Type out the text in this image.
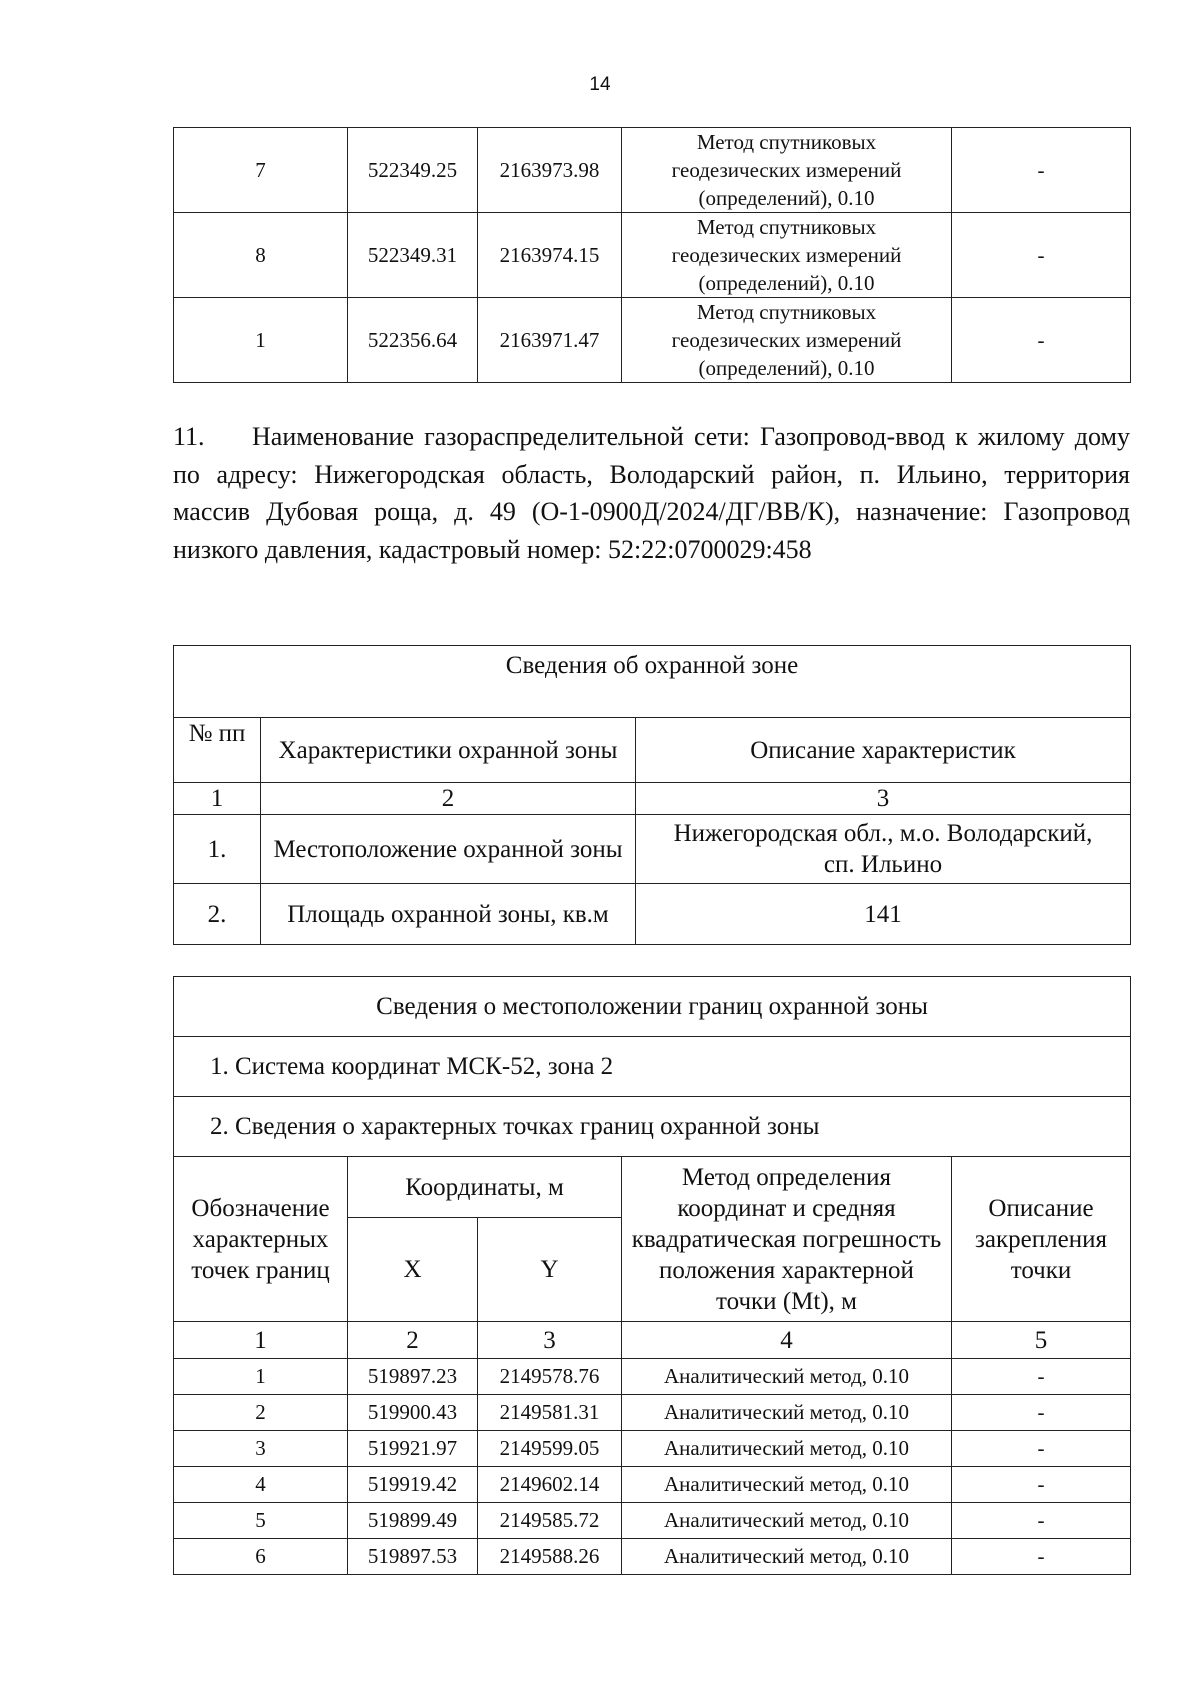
14
7	522349.25	2163973.98	Метод спутниковых
геодезических измерений
(определений), 0.10	-
8	522349.31	2163974.15	Метод спутниковых
геодезических измерений
(определений), 0.10	-
1	522356.64	2163971.47	Метод спутниковых
геодезических измерений
(определений), 0.10	-

11. Наименование газораспределительной сети: Газопровод-ввод к жилому дому по адресу: Нижегородская область, Володарский район, п. Ильино, территория массив Дубовая роща, д. 49 (О-1-0900Д/2024/ДГ/ВВ/К), назначение: Газопровод низкого давления, кадастровый номер: 52:22:0700029:458

Сведения об охранной зоне		
№ пп	Характеристики охранной зоны	Описание характеристик
1	2	3
1.	Местоположение охранной зоны	Нижегородская обл., м.о. Володарский,
сп. Ильино

2.	Площадь охранной зоны, кв.м	141
Сведения о местоположении границ охранной зоны				
1. Система координат МСК-52, зона 2				
2. Сведения о характерных точках границ охранной зоны				
Обозначение характерных точек границ	Координаты, м		Метод определения координат и средняя квадратическая погрешность положения характерной точки (Mt), м	Описание закрепления точки
	X	Y		
1	2	3	4	5
1	519897.23	2149578.76	Аналитический метод, 0.10	-
2	519900.43	2149581.31	Аналитический метод, 0.10	-
3	519921.97	2149599.05	Аналитический метод, 0.10	-
4	519919.42	2149602.14	Аналитический метод, 0.10	-
5	519899.49	2149585.72	Аналитический метод, 0.10	-
6	519897.53	2149588.26	Аналитический метод, 0.10	-
